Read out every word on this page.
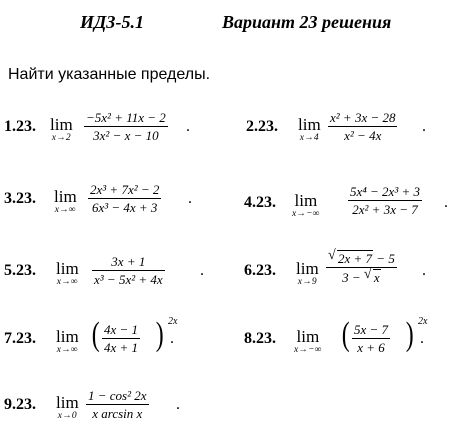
ИДЗ-5.1	Вариант 23 решения
Найти указанные пределы.
1.23. lim
x→2
−5x² + 11x − 2
3x² − x − 10
.	2.23. lim
x→4
x² + 3x − 28
x² − 4x
.
3.23. lim
x→∞
2x³ + 7x² − 2
6x³ − 4x + 3
.	4.23. lim
x→−∞
5x⁴ − 2x³ + 3
2x² + 3x − 7 .
5.23. lim
x→∞
3x + 1
x³ − 5x² + 4x
.	6.23. lim
x→9
√ 2x + 7 − 5
3 − √ x	.
7.23. lim
x→∞ ( 4x − 1
4x + 1 ) 2x
.	8.23. lim
x→−∞ ( 5x − 7
x + 6 ) 2x
.
9.23. lim
x→0
1 − cos² 2x
x arcsin x
.
